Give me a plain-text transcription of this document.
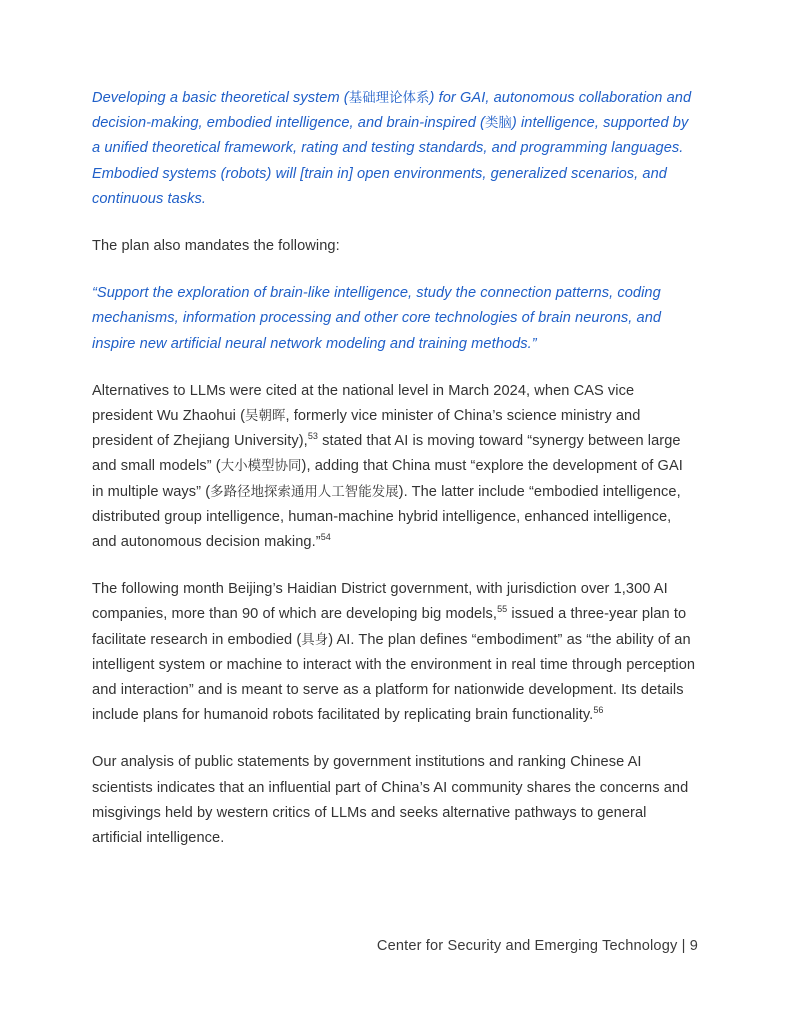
Developing a basic theoretical system (基础理论体系) for GAI, autonomous collaboration and decision-making, embodied intelligence, and brain-inspired (类脑) intelligence, supported by a unified theoretical framework, rating and testing standards, and programming languages. Embodied systems (robots) will [train in] open environments, generalized scenarios, and continuous tasks.

The plan also mandates the following:

“Support the exploration of brain-like intelligence, study the connection patterns, coding mechanisms, information processing and other core technologies of brain neurons, and inspire new artificial neural network modeling and training methods.”

Alternatives to LLMs were cited at the national level in March 2024, when CAS vice president Wu Zhaohui (吴朝晖, formerly vice minister of China’s science ministry and president of Zhejiang University),$^{53}$ stated that AI is moving toward “synergy between large and small models” (大小模型协同), adding that China must “explore the development of GAI in multiple ways” (多路径地探索通用人工智能发展). The latter include “embodied intelligence, distributed group intelligence, human-machine hybrid intelligence, enhanced intelligence, and autonomous decision making.”$^{54}$

The following month Beijing’s Haidian District government, with jurisdiction over 1,300 AI companies, more than 90 of which are developing big models,$^{55}$ issued a three-year plan to facilitate research in embodied (具身) AI. The plan defines “embodiment” as “the ability of an intelligent system or machine to interact with the environment in real time through perception and interaction” and is meant to serve as a platform for nationwide development. Its details include plans for humanoid robots facilitated by replicating brain functionality.$^{56}$

Our analysis of public statements by government institutions and ranking Chinese AI scientists indicates that an influential part of China’s AI community shares the concerns and misgivings held by western critics of LLMs and seeks alternative pathways to general artificial intelligence.

Center for Security and Emerging Technology | 9
